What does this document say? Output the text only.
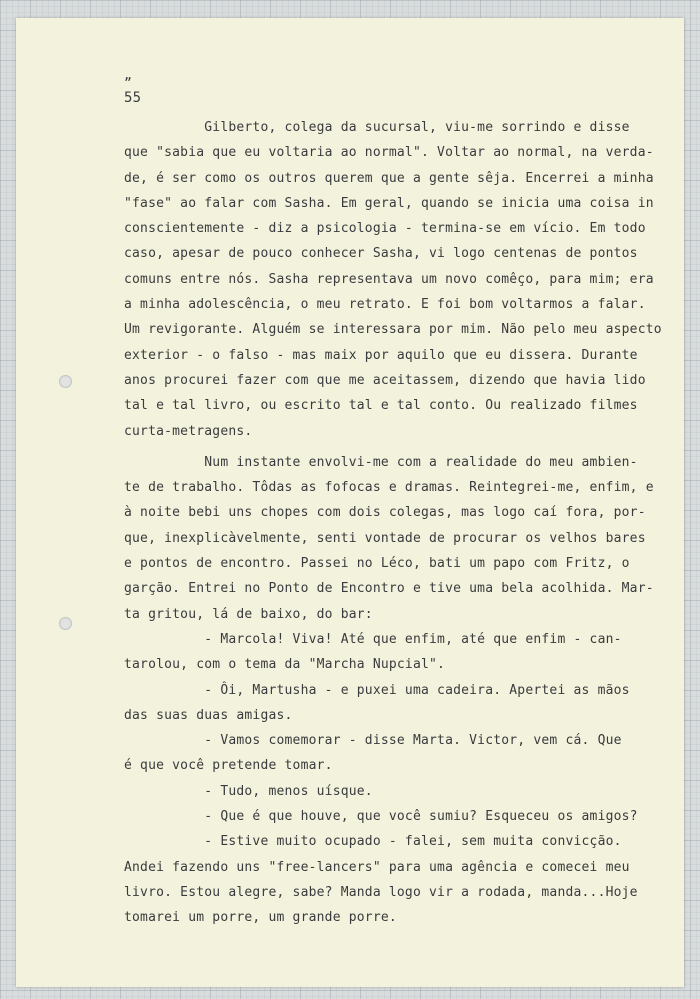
„
55
Gilberto, colega da sucursal, viu-me sorrindo e disse
que "sabia que eu voltaria ao normal". Voltar ao normal, na verda-
de, é ser como os outros querem que a gente sêja. Encerrei a minha
"fase" ao falar com Sasha. Em geral, quando se inicia uma coisa in
conscientemente - diz a psicologia - termina-se em vício. Em todo
caso, apesar de pouco conhecer Sasha, vi logo centenas de pontos
comuns entre nós. Sasha representava um novo comêço, para mim; era
a minha adolescência, o meu retrato. E foi bom voltarmos a falar.
Um revigorante. Alguém se interessara por mim. Não pelo meu aspecto
exterior - o falso - mas maix por aquilo que eu dissera. Durante
anos procurei fazer com que me aceitassem, dizendo que havia lido
tal e tal livro, ou escrito tal e tal conto. Ou realizado filmes
curta-metragens.
Num instante envolvi-me com a realidade do meu ambien-
te de trabalho. Tôdas as fofocas e dramas. Reintegrei-me, enfim, e
à noite bebi uns chopes com dois colegas, mas logo caí fora, por-
que, inexplicàvelmente, senti vontade de procurar os velhos bares
e pontos de encontro. Passei no Léco, bati um papo com Fritz, o
garção. Entrei no Ponto de Encontro e tive uma bela acolhida. Mar-
ta gritou, lá de baixo, do bar:
- Marcola! Viva! Até que enfim, até que enfim - can-
tarolou, com o tema da "Marcha Nupcial".
- Ôi, Martusha - e puxei uma cadeira. Apertei as mãos
das suas duas amigas.
- Vamos comemorar - disse Marta. Victor, vem cá. Que
é que você pretende tomar.
- Tudo, menos uísque.
- Que é que houve, que você sumiu? Esqueceu os amigos?
- Estive muito ocupado - falei, sem muita convicção.
Andei fazendo uns "free-lancers" para uma agência e comecei meu
livro. Estou alegre, sabe? Manda logo vir a rodada, manda...Hoje
tomarei um porre, um grande porre.
